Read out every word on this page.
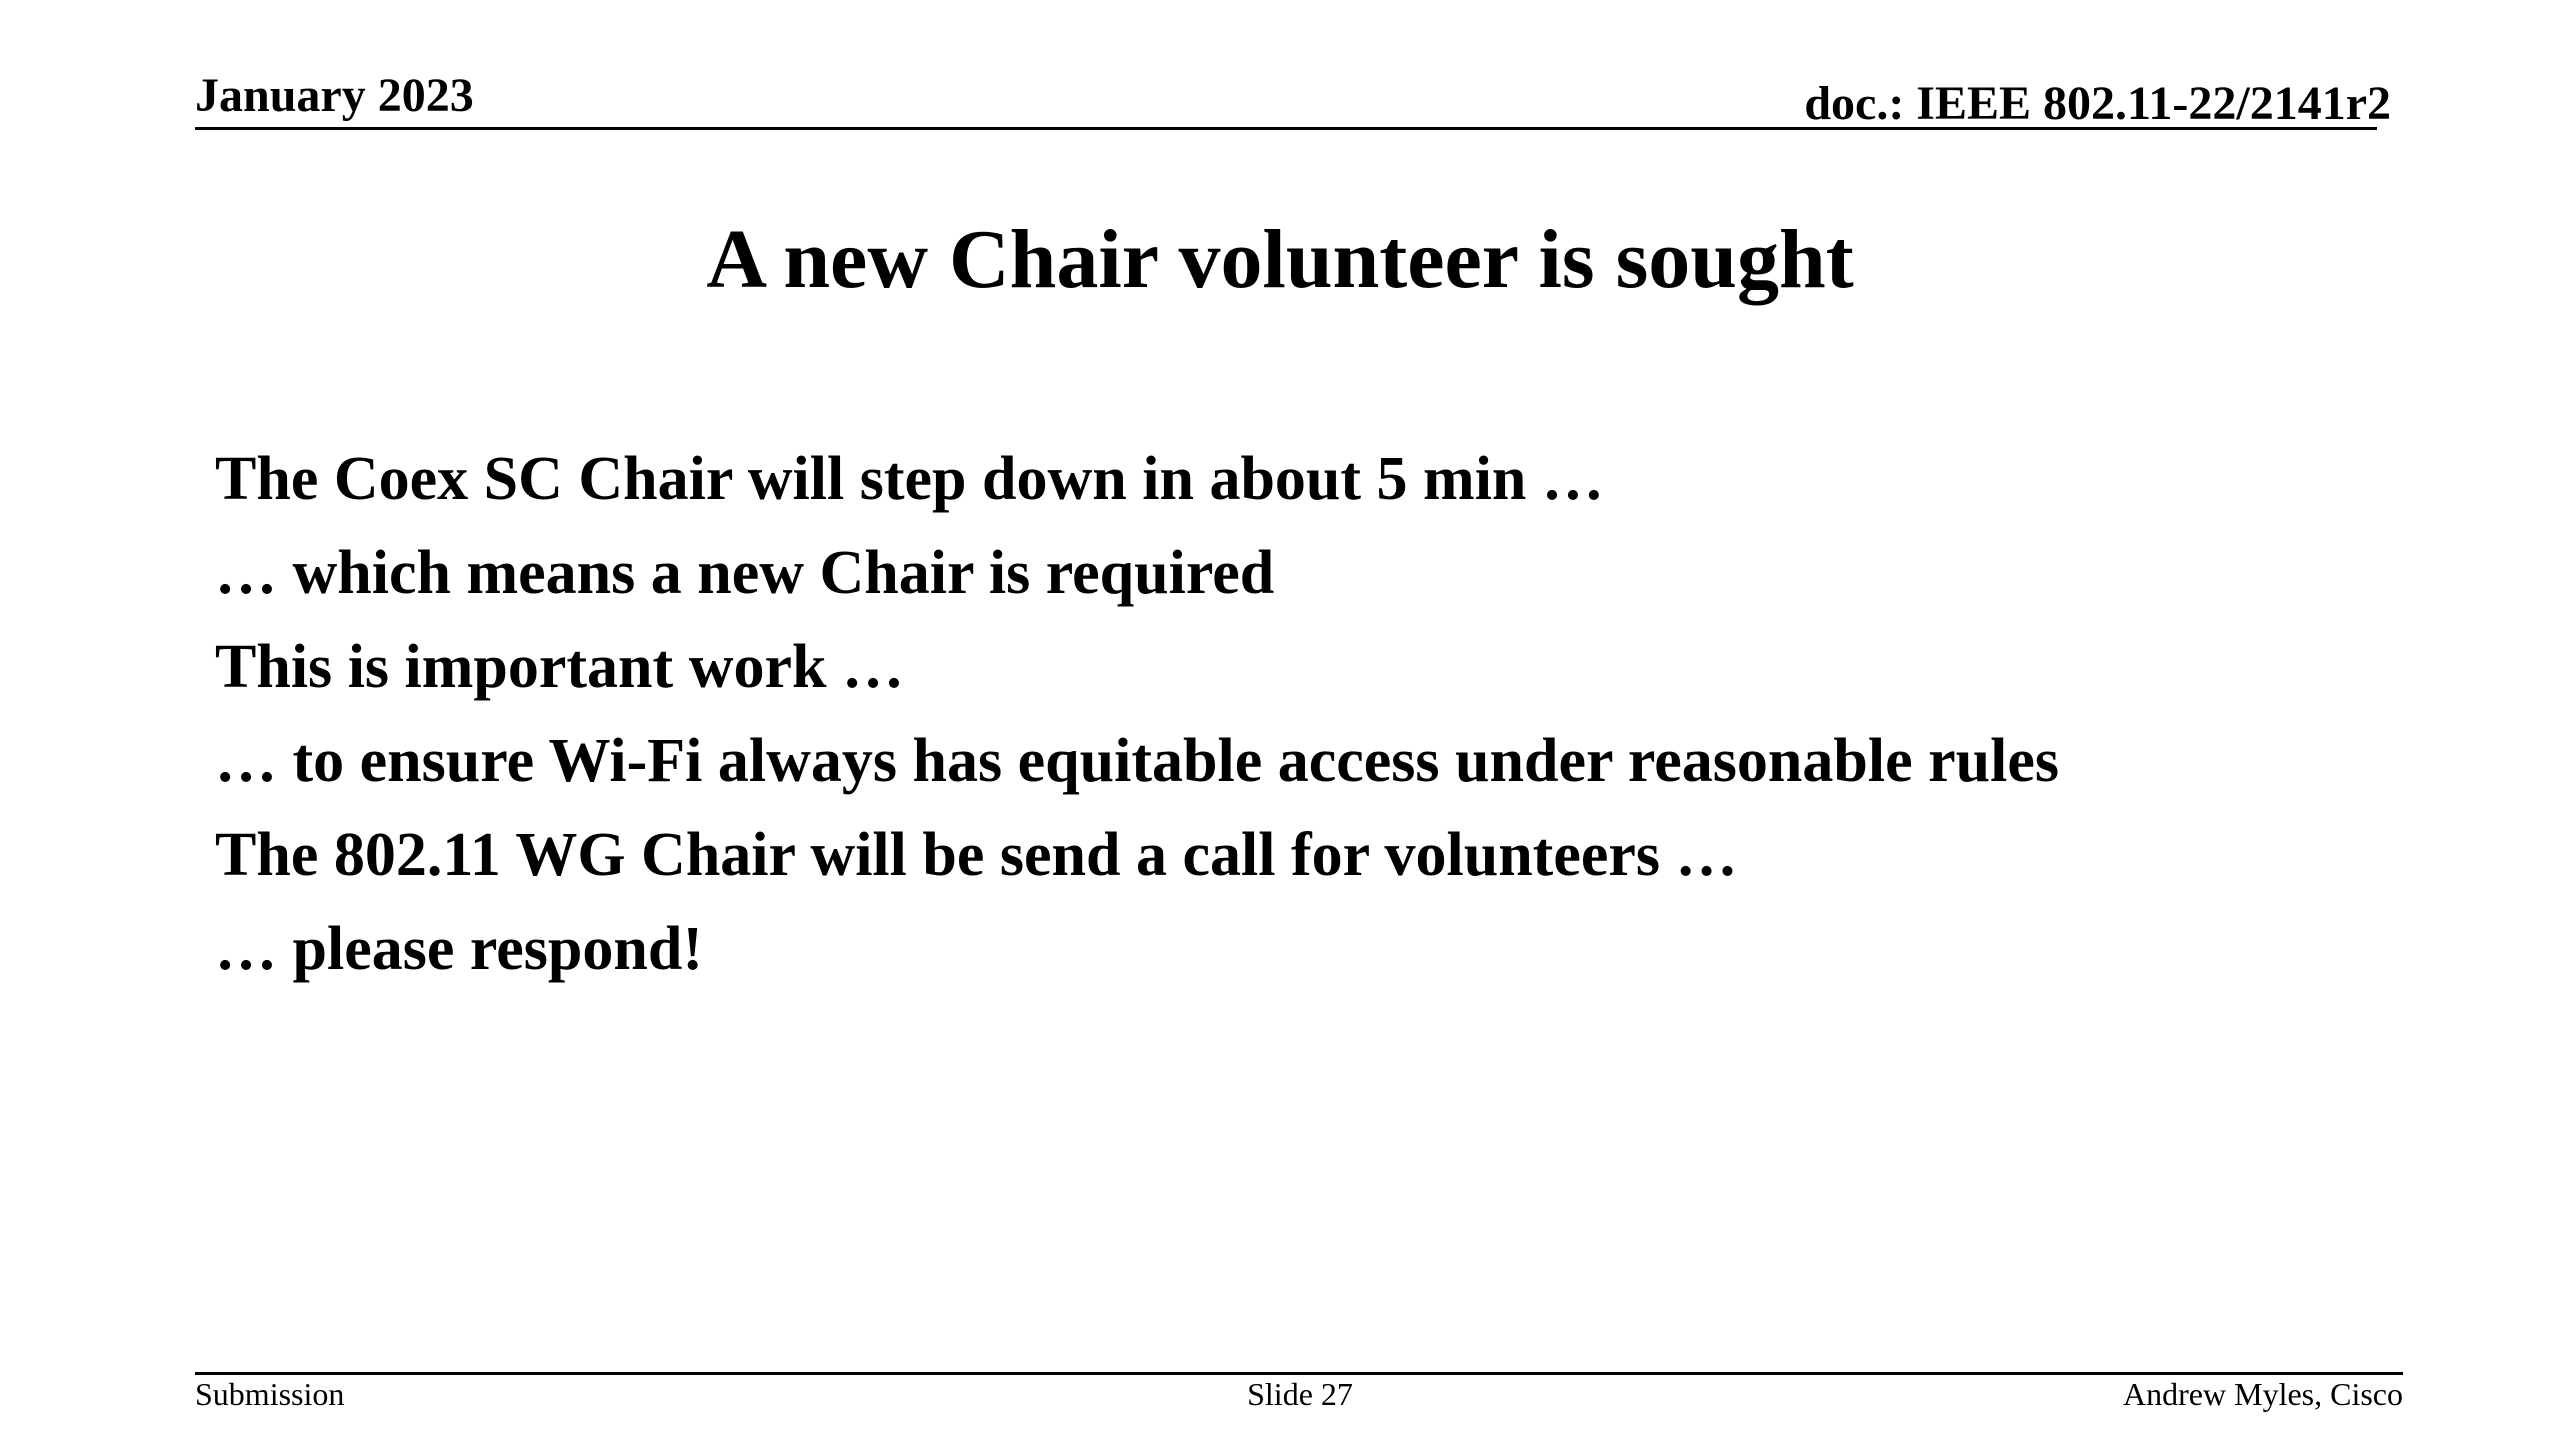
January 2023	doc.: IEEE 802.11-22/2141r2
A new Chair volunteer is sought
The Coex SC Chair will step down in about 5 min …
… which means a new Chair is required
This is important work …
… to ensure Wi-Fi always has equitable access under reasonable rules
The 802.11 WG Chair will be send a call for volunteers …
… please respond!
Submission	Slide 27	Andrew Myles, Cisco
